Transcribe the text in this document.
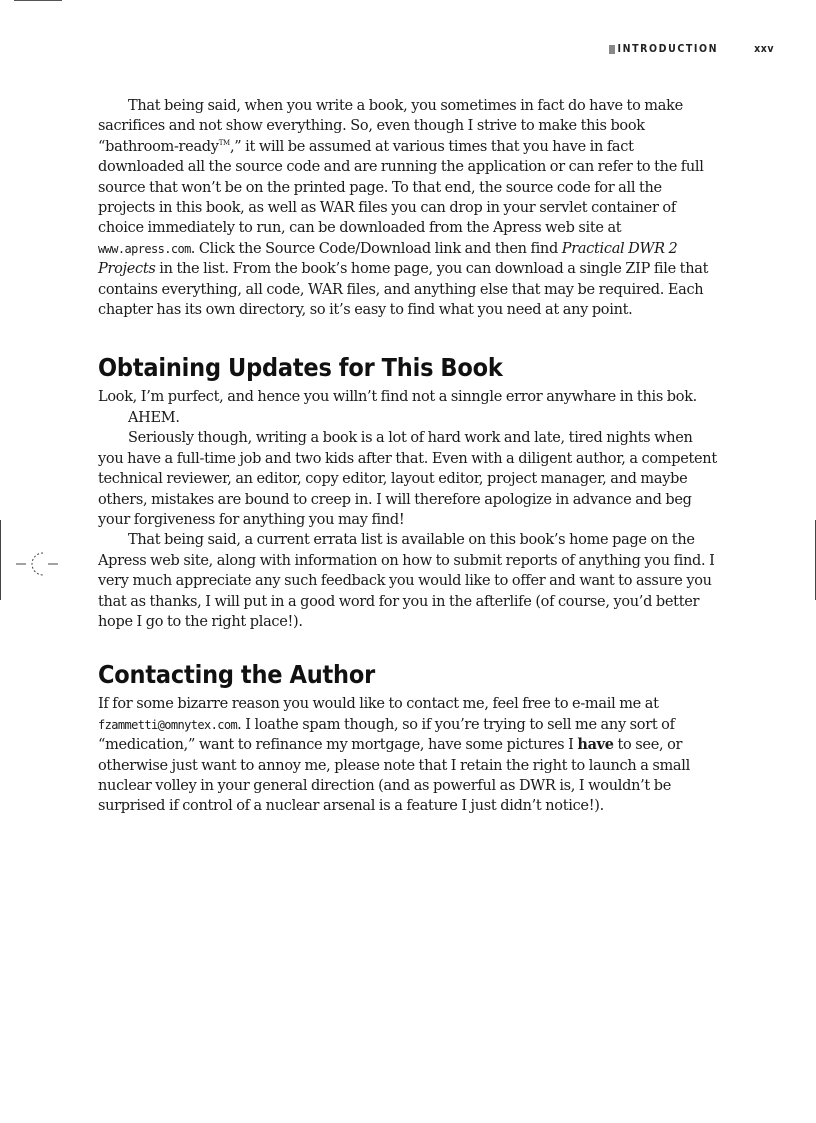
INTRODUCTION	xxv

That being said, when you write a book, you sometimes in fact do have to make sacrifices and not show everything. So, even though I strive to make this book “bathroom-ready™,” it will be assumed at various times that you have in fact downloaded all the source code and are running the application or can refer to the full source that won’t be on the printed page. To that end, the source code for all the projects in this book, as well as WAR files you can drop in your servlet container of choice immediately to run, can be downloaded from the Apress web site at www.apress.com. Click the Source Code/Download link and then find Practical DWR 2 Projects in the list. From the book’s home page, you can download a single ZIP file that contains everything, all code, WAR files, and anything else that may be required. Each chapter has its own directory, so it’s easy to find what you need at any point.

Obtaining Updates for This Book

Look, I’m purfect, and hence you willn’t find not a sinngle error anywhare in this bok.

AHEM.

Seriously though, writing a book is a lot of hard work and late, tired nights when you have a full-time job and two kids after that. Even with a diligent author, a competent technical reviewer, an editor, copy editor, layout editor, project manager, and maybe others, mistakes are bound to creep in. I will therefore apologize in advance and beg your forgiveness for anything you may find!

That being said, a current errata list is available on this book’s home page on the Apress web site, along with information on how to submit reports of anything you find. I very much appreciate any such feedback you would like to offer and want to assure you that as thanks, I will put in a good word for you in the afterlife (of course, you’d better hope I go to the right place!).

Contacting the Author

If for some bizarre reason you would like to contact me, feel free to e-mail me at fzammetti@omnytex.com. I loathe spam though, so if you’re trying to sell me any sort of “medication,” want to refinance my mortgage, have some pictures I have to see, or otherwise just want to annoy me, please note that I retain the right to launch a small nuclear volley in your general direction (and as powerful as DWR is, I wouldn’t be surprised if control of a nuclear arsenal is a feature I just didn’t notice!).
